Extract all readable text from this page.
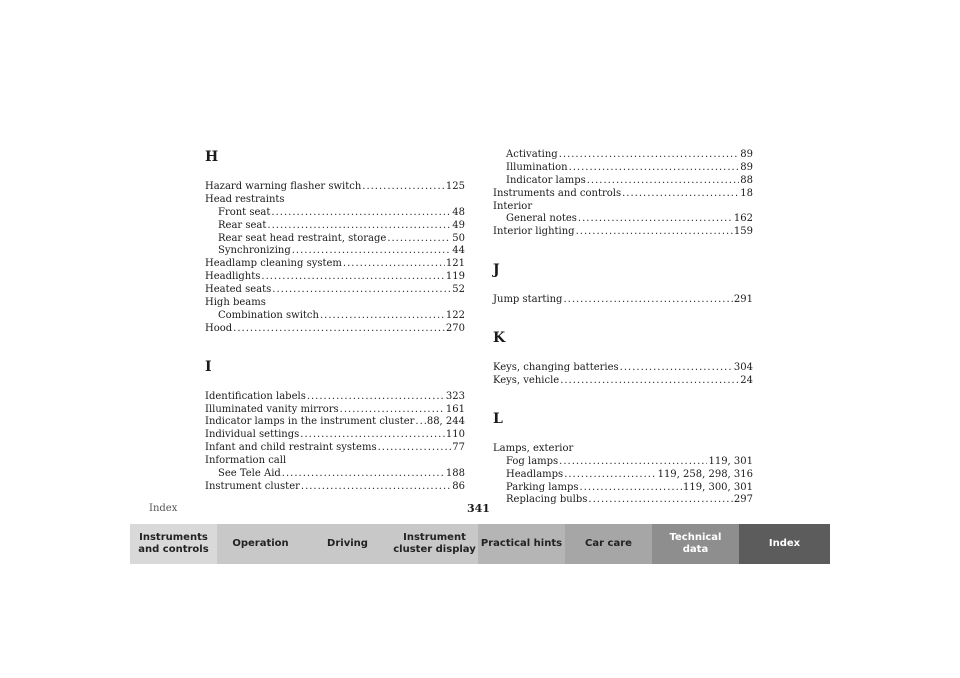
H
Hazard warning flasher switch .....	125
Head restraints
Front seat .....	48
Rear seat .....	49
Rear seat head restraint, storage .....	50
Synchronizing .....	44
Headlamp cleaning system .....	121
Headlights .....	119
Heated seats .....	52
High beams
Combination switch .....	122
Hood .....	270
I
Identification labels .....	323
Illuminated vanity mirrors .....	161
Indicator lamps in the instrument cluster ..... 88, 244
Individual settings .....	110
Infant and child restraint systems .....	77
Information call
See Tele Aid .....	188
Instrument cluster .....	86
Activating .....	89
Illumination .....	89
Indicator lamps .....	88
Instruments and controls .....	18
Interior
General notes .....	162
Interior lighting .....	159
J
Jump starting .....	291
K
Keys, changing batteries .....	304
Keys, vehicle .....	24
L
Lamps, exterior
Fog lamps .....	119, 301
Headlamps .....	119, 258, 298, 316
Parking lamps .....	119, 300, 301
Replacing bulbs .....	297
Index	341
Instruments
and controls
Operation	Driving
Instrument
cluster display
Practical hints	Car care
Technical
data
Index
